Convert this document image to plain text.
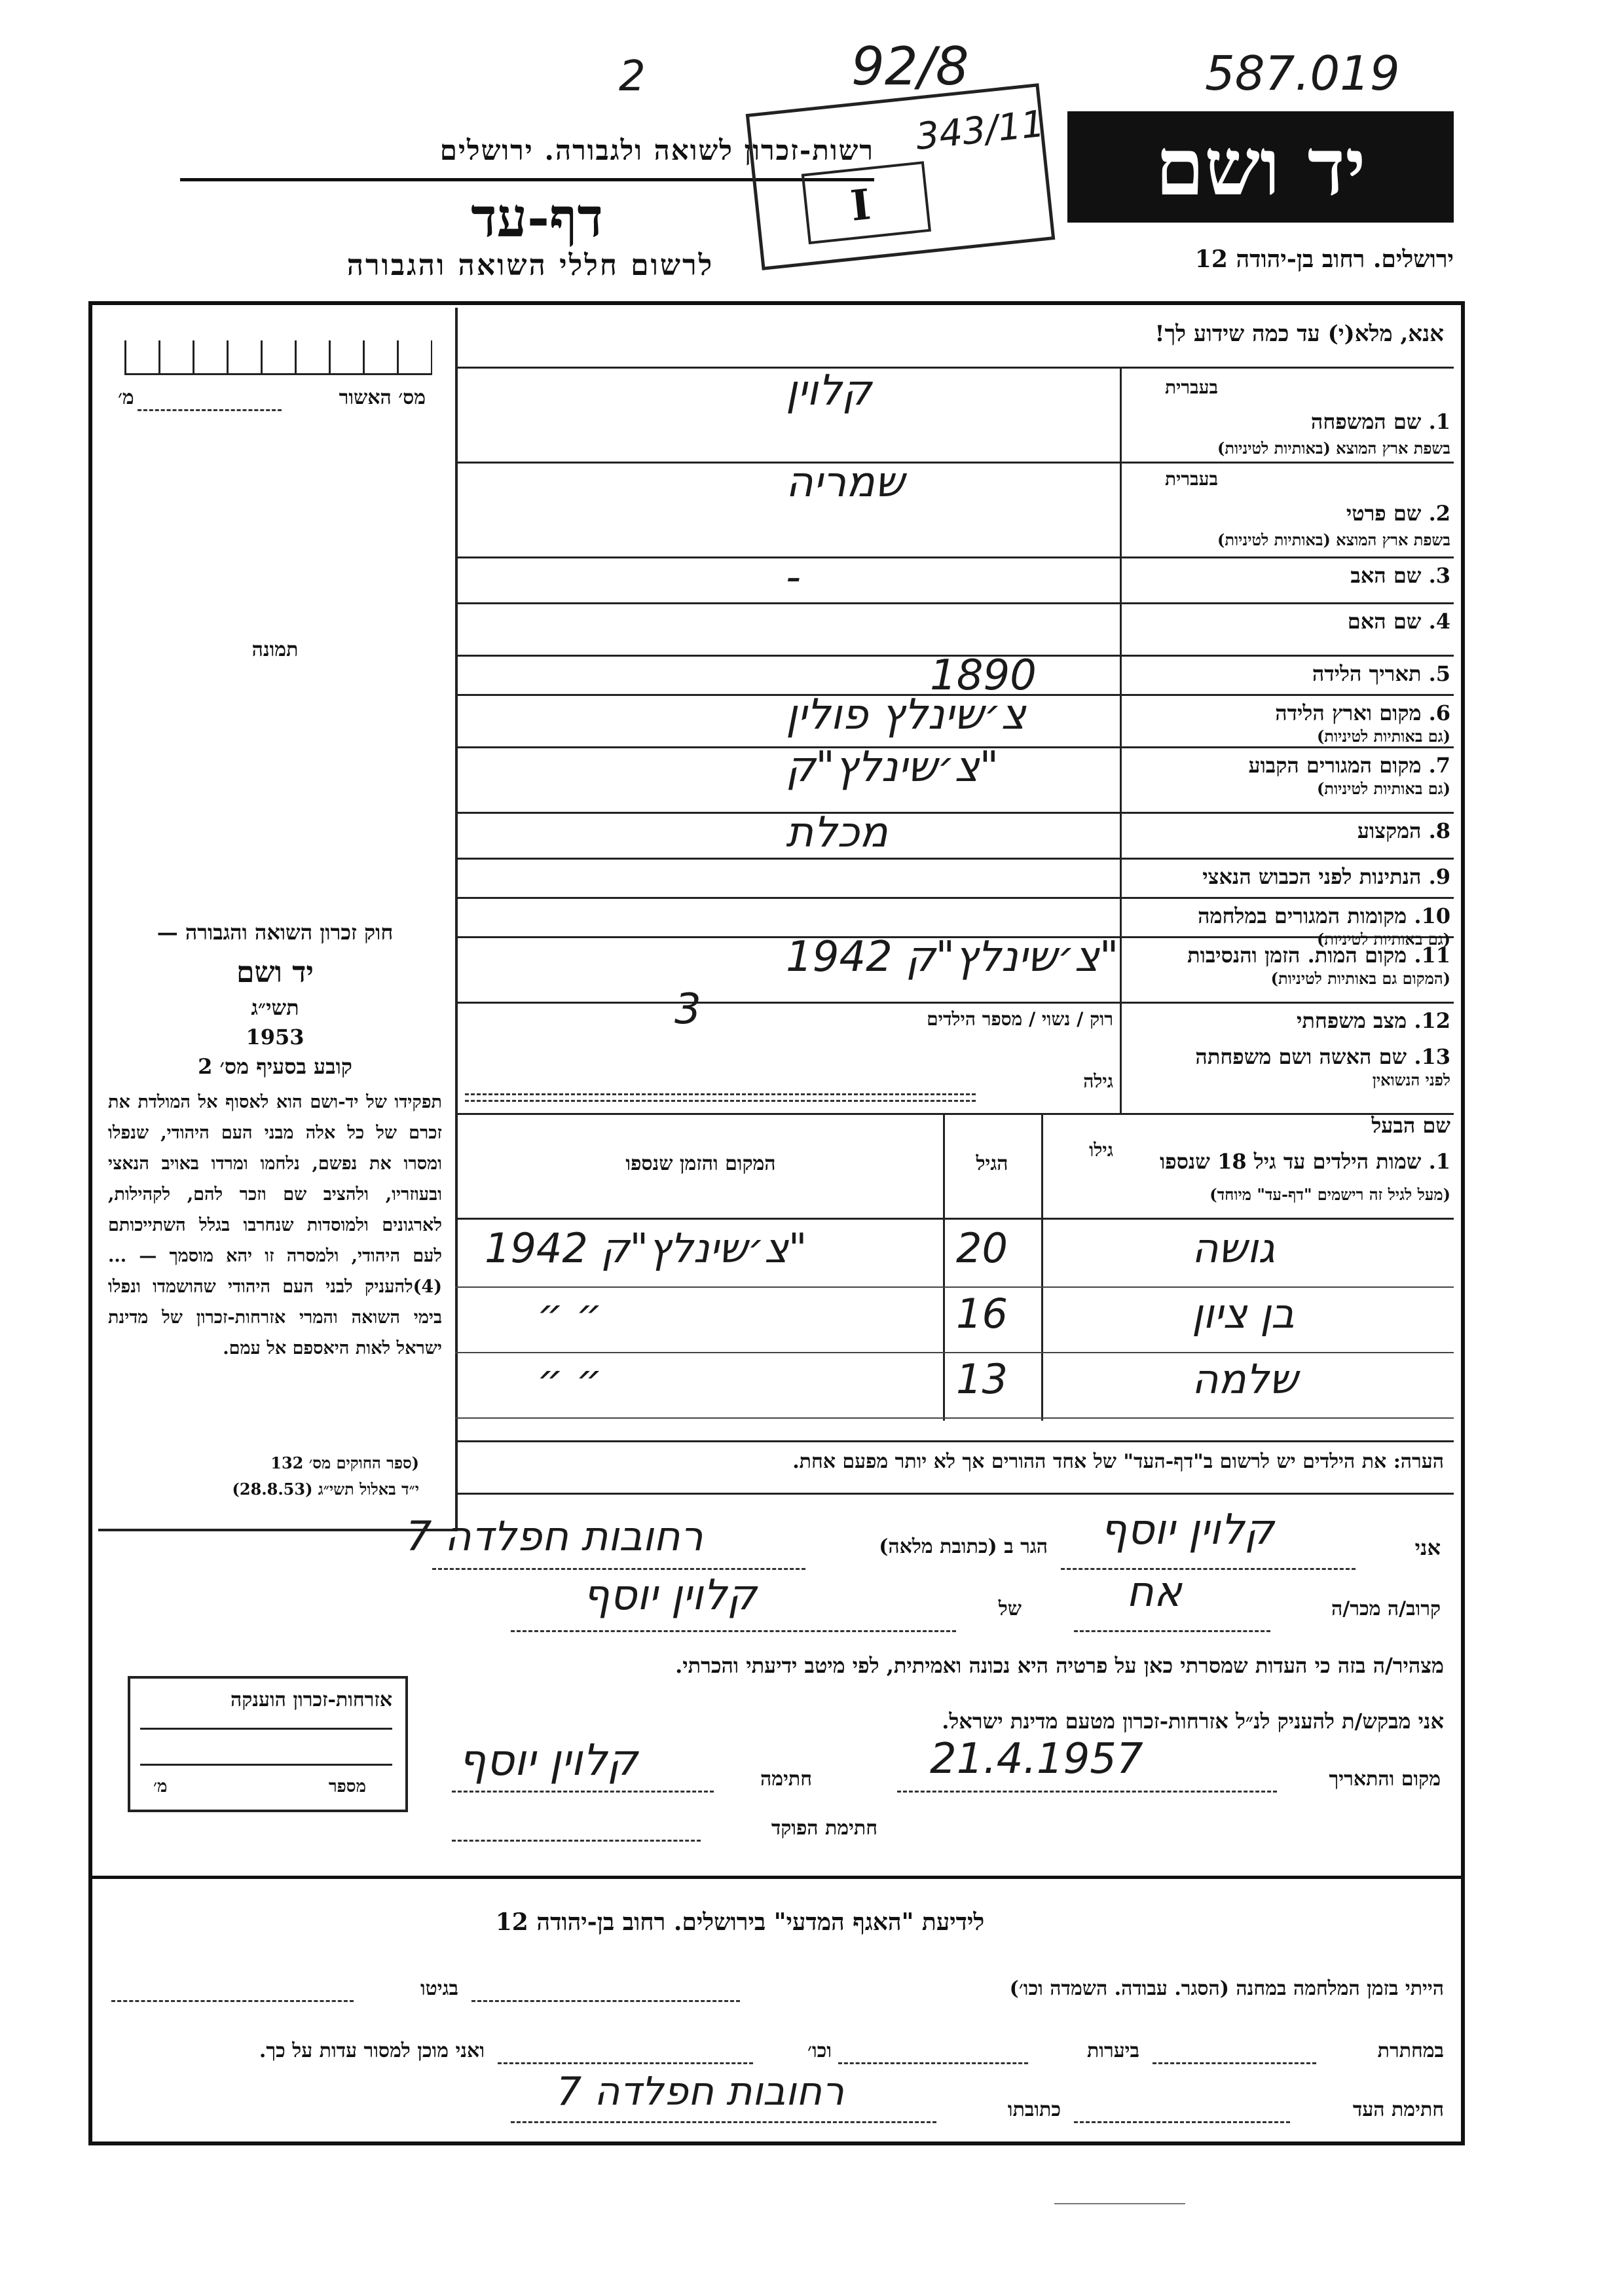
2	92/8	587.019
יד ושם
רשות-זכרון לשואה ולגבורה. ירושלים
דף-עד
לרשום חללי השואה והגבורה	ירושלים. רחוב בן-יהודה 12
343/11
I
מס׳ האשור
מ׳
תמונה
חוק זכרון השואה והגבורה —
יד ושם
תשי״ג
1953
קובע בסעיף מס׳ 2
תפקידו של יד-ושם הוא לאסוף אל המולדת את זכרם של כל אלה מבני העם היהודי, שנפלו ומסרו את נפשם, נלחמו ומרדו באויב הנאצי ובעוזריו, ולהציב שם וזכר להם, לקהילות, לארגונים ולמוסדות שנחרבו בגלל השתייכותם לעם היהודי, ולמסרה זו יהא מוסמך — ...(4)להעניק לבני העם היהודי שהושמדו ונפלו בימי השואה והמרי אזרחות-זכרון של מדינת ישראל לאות היאספם אל עמם.
(ספר החוקים מס׳ 132
י״ד באלול תשי״ג (28.8.53)
אזרחות-זכרון הוענקה
מספר
מ׳
אנא, מלא(י) עד כמה שידוע לך!
1. שם המשפחה
בשפת ארץ המוצא (באותיות לטיניות)
בעברית
קלוין
2. שם פרטי
בשפת ארץ המוצא (באותיות לטיניות)
בעברית
שמריה
3. שם האב
-
4. שם האם
5. תאריך הלידה
1890
6. מקום וארץ הלידה
(גם באותיות לטיניות)
צ׳שינלץ פולין
7. מקום המגורים הקבוע
(גם באותיות לטיניות)
צ׳שינלץ"ק"
8. המקצוע
מכלת
9. הנתינות לפני הכבוש הנאצי
10. מקומות המגורים במלחמה
(גם באותיות לטיניות)
11. מקום המות. הזמן והנסיבות
(המקום גם באותיות לטיניות)
1942 צ׳שינלץ"ק"
12. מצב משפחתי
רוק / נשוי / מספר הילדים
3
13. שם האשה ושם משפחתה
לפני הנשואין
גילה
שם הבעל
גילו	1. שמות הילדים עד גיל 18 שנספו
(מעל לגיל זה רישמים "דף-עד" מיוחד)
הגיל
המקום והזמן שנספו
גושה
20
1942 צ׳שינלץ"ק"
בן ציון
16
״ ״
שלמה
13
״ ״
הערה: את הילדים יש לרשום ב"דף-העד" של אחד ההורים אך לא יותר מפעם אחת.
אני
קלוין יוסף
הגר ב (כתובת מלאה)
רחובות חפלדה 7
קרוב/ה מכר/ה
אח
של
קלוין יוסף
מצהיר/ה בזה כי העדות שמסרתי כאן על פרטיה היא נכונה ואמיתית, לפי מיטב ידיעתי והכרתי.
אני מבקש/ת להעניק לנ״ל אזרחות-זכרון מטעם מדינת ישראל.
מקום והתאריך
21.4.1957
חתימה
קלוין יוסף
חתימת הפוקד
לידיעת "האגף המדעי" בירושלים. רחוב בן-יהודה 12
הייתי בזמן המלחמה במחנה (הסגר. עבודה. השמדה וכו׳)
בגיטו
במחתרת
ביערות
וכו׳
ואני מוכן למסור עדות על כך.
חתימת העד
כתובתו
רחובות חפלדה 7
